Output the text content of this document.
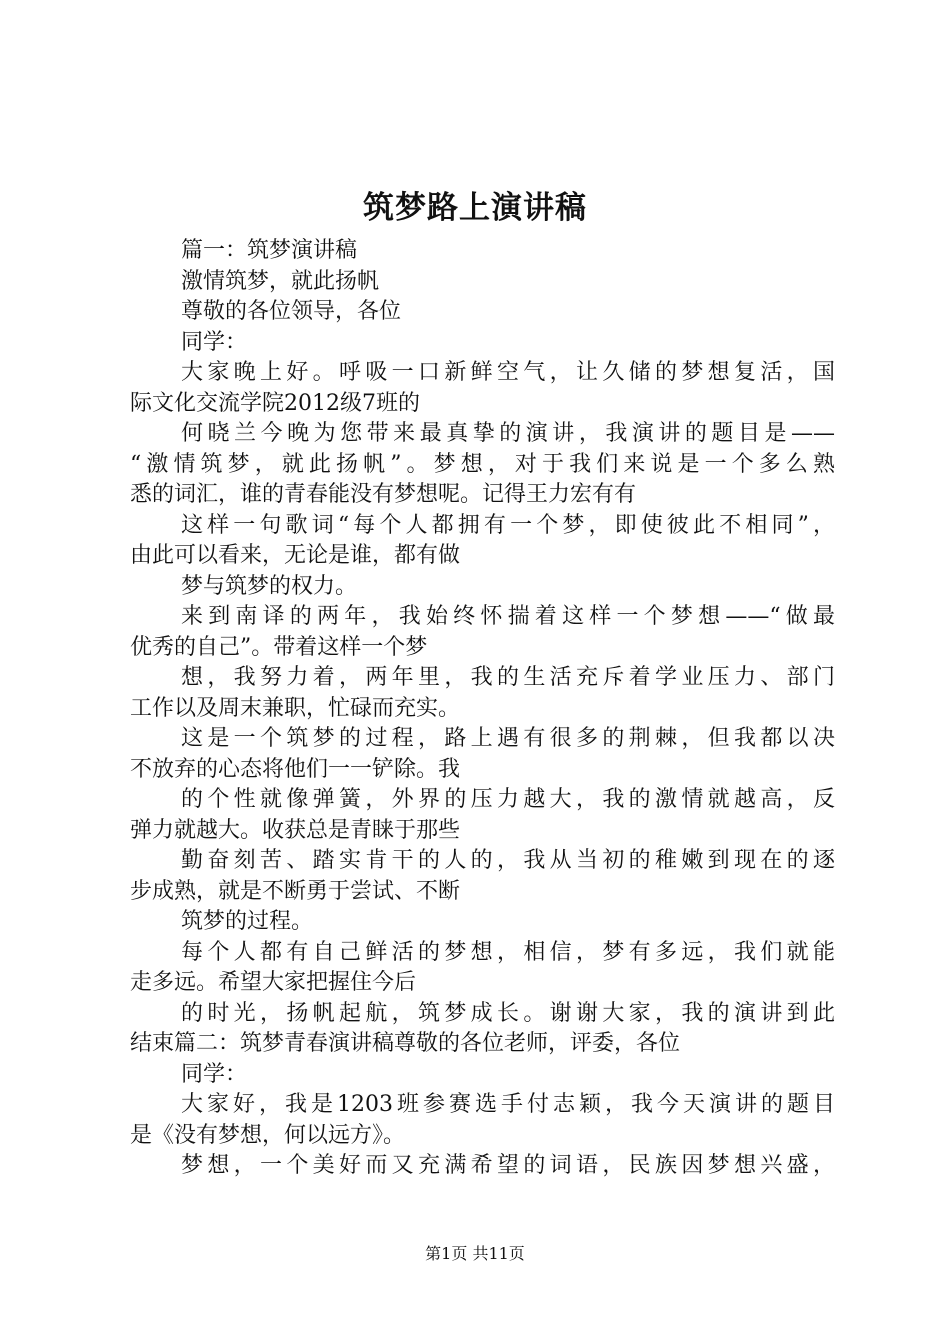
筑梦路上演讲稿
篇一：筑梦演讲稿
激情筑梦，就此扬帆
尊敬的各位领导，各位
同学：
大家晚上好。呼吸一口新鲜空气，让久储的梦想复活，国
际文化交流学院2012级7班的
何晓兰今晚为您带来最真挚的演讲，我演讲的题目是——
“激情筑梦，就此扬帆”。梦想，对于我们来说是一个多么熟
悉的词汇，谁的青春能没有梦想呢。记得王力宏有有
这样一句歌词“每个人都拥有一个梦，即使彼此不相同”，
由此可以看来，无论是谁，都有做
梦与筑梦的权力。
来到南译的两年，我始终怀揣着这样一个梦想——“做最
优秀的自己”。带着这样一个梦
想，我努力着，两年里，我的生活充斥着学业压力、部门
工作以及周末兼职，忙碌而充实。
这是一个筑梦的过程，路上遇有很多的荆棘，但我都以决
不放弃的心态将他们一一铲除。我
的个性就像弹簧，外界的压力越大，我的激情就越高，反
弹力就越大。收获总是青睐于那些
勤奋刻苦、踏实肯干的人的，我从当初的稚嫩到现在的逐
步成熟，就是不断勇于尝试、不断
筑梦的过程。
每个人都有自己鲜活的梦想，相信，梦有多远，我们就能
走多远。希望大家把握住今后
的时光，扬帆起航，筑梦成长。谢谢大家，我的演讲到此
结束篇二：筑梦青春演讲稿尊敬的各位老师，评委，各位
同学：
大家好，我是1203班参赛选手付志颖，我今天演讲的题目
是《没有梦想，何以远方》。
梦想，一个美好而又充满希望的词语，民族因梦想兴盛，
第1页 共11页
